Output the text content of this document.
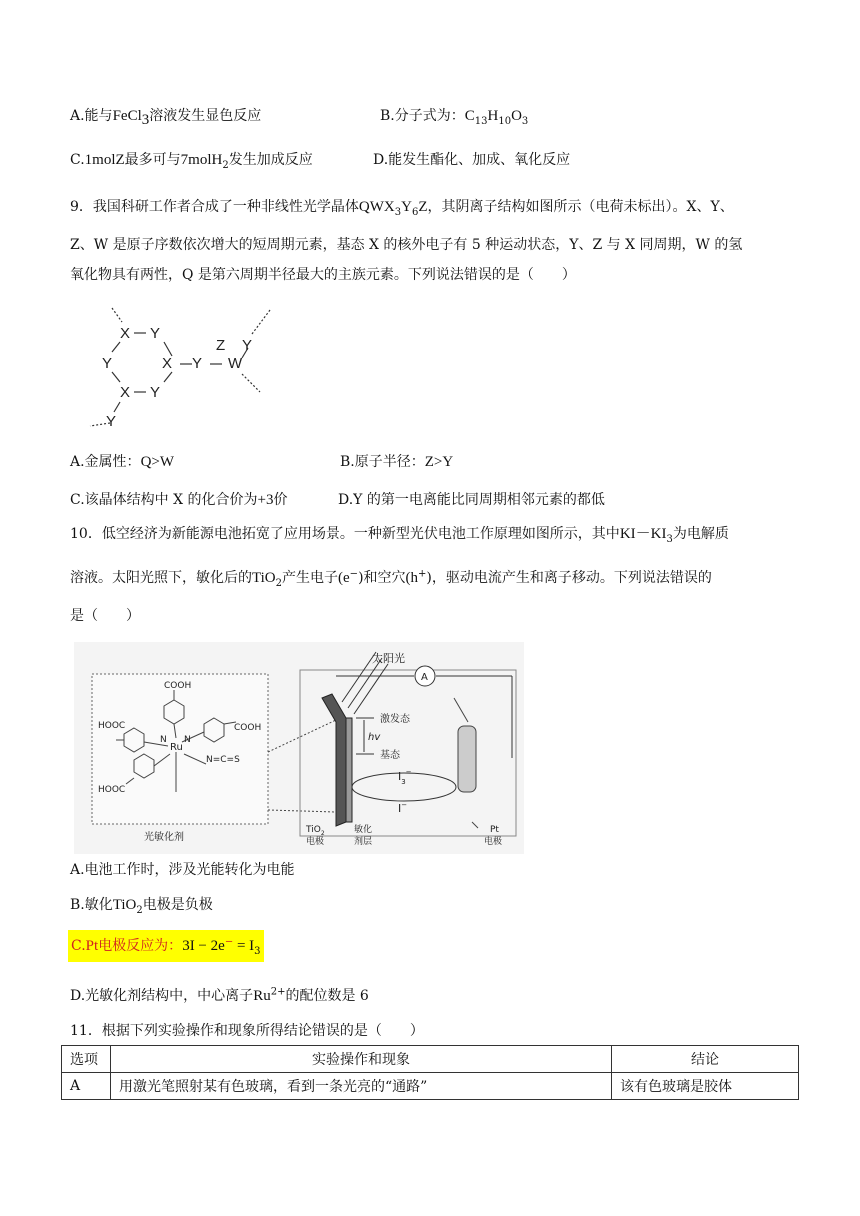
A.能与FeCl$_3$溶液发生显色反应	B.分子式为：$C_{13}H_{10}O_3$
C.1molZ最多可与7molH$_2$发生加成反应	D.能发生酯化、加成、氧化反应
9．我国科研工作者合成了一种非线性光学晶体$QWX_3Y_6Z$，其阴离子结构如图所示（电荷未标出）。X、Y、
Z、W 是原子序数依次增大的短周期元素，基态 X 的核外电子有 5 种运动状态，Y、Z 与 X 同周期，W 的氢
氧化物具有两性，Q 是第六周期半径最大的主族元素。下列说法错误的是（　　）
X Y
Y	X Y
X Y
Y
Z Y
W
A.金属性：Q>W	B.原子半径：Z>Y
C.该晶体结构中 X 的化合价为+3价	D.Y 的第一电离能比同周期相邻元素的都低
10．低空经济为新能源电池拓宽了应用场景。一种新型光伏电池工作原理如图所示，其中$KI-KI_3$为电解质
溶液。太阳光照下，敏化后的TiO$_2$产生电子(e−)和空穴(h+)，驱动电流产生和离子移动。下列说法错误的
是（　　）
COOH
COOH
HOOC
HOOC
Ru
N N
N=C=S
光敏化剂
太阳光
A
激发态
hv
基态
$I_3^-$
I−
TiO$_2$
电极
敏化
剂层
Pt
电极
A.电池工作时，涉及光能转化为电能
B.敏化TiO$_2$电极是负极
C.Pt电极反应为：$3I - 2e^- = I_3$
D.光敏化剂结构中，中心离子$Ru^{2+}$的配位数是 6
11．根据下列实验操作和现象所得结论错误的是（　　）
选项	实验操作和现象	结论
A	用激光笔照射某有色玻璃，看到一条光亮的“通路”	该有色玻璃是胶体
